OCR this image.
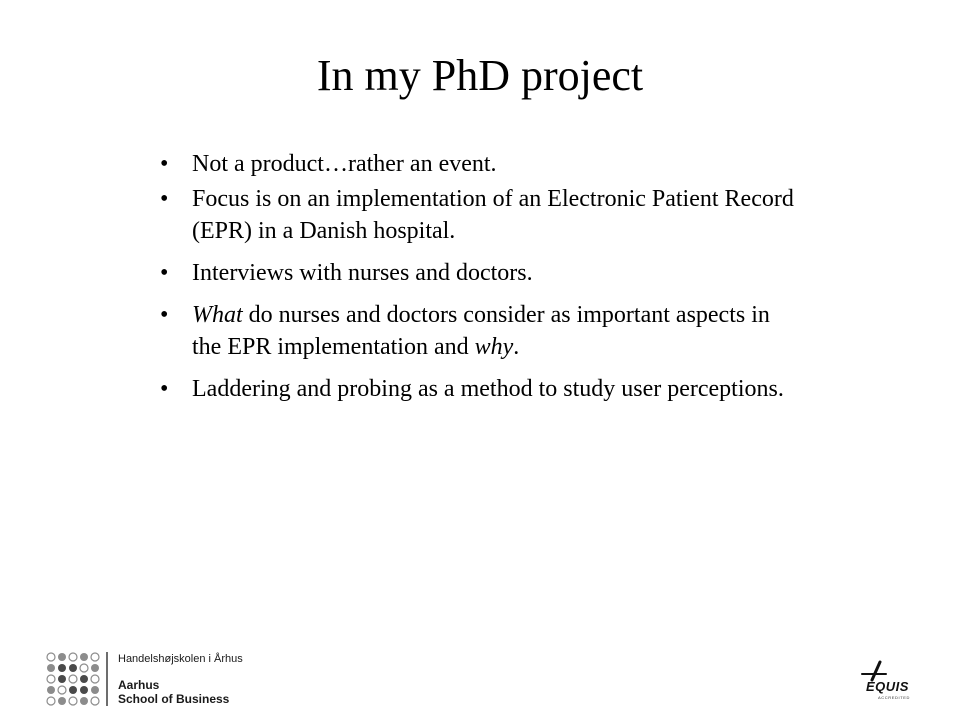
In my PhD project
• Not a product…rather an event.
• Focus is on an implementation of an Electronic Patient Record (EPR) in a Danish hospital.
• Interviews with nurses and doctors.
• What do nurses and doctors consider as important aspects in the EPR implementation and why.
• Laddering and probing as a method to study user perceptions.
Handelshøjskolen i Århus
Aarhus
School of Business
EQUIS
ACCREDITED
